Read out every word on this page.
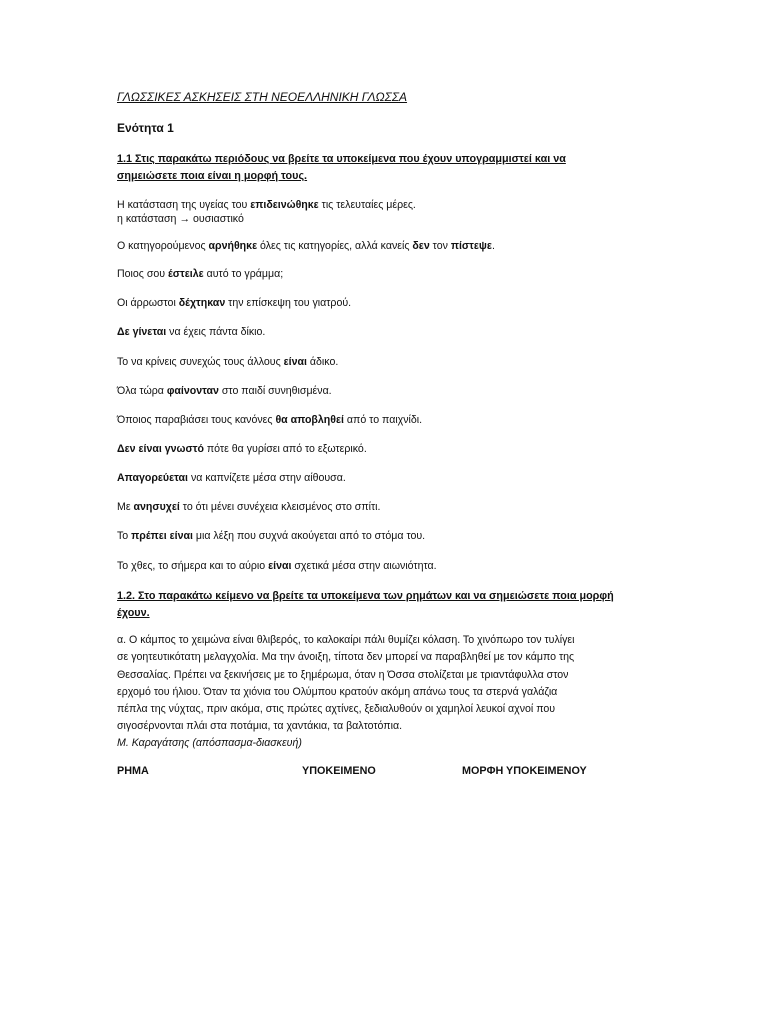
ΓΛΩΣΣΙΚΕΣ ΑΣΚΗΣΕΙΣ ΣΤΗ ΝΕΟΕΛΛΗΝΙΚΗ ΓΛΩΣΣΑ
Ενότητα 1
1.1 Στις παρακάτω περιόδους να βρείτε τα υποκείμενα που έχουν υπογραμμιστεί και να
σημειώσετε ποια είναι η μορφή τους.
Η κατάσταση της υγείας του επιδεινώθηκε τις τελευταίες μέρες.
η κατάσταση → ουσιαστικό
Ο κατηγορούμενος αρνήθηκε όλες τις κατηγορίες, αλλά κανείς δεν τον πίστεψε.
Ποιος σου έστειλε αυτό το γράμμα;
Οι άρρωστοι δέχτηκαν την επίσκεψη του γιατρού.
Δε γίνεται να έχεις πάντα δίκιο.
Το να κρίνεις συνεχώς τους άλλους είναι άδικο.
Όλα τώρα φαίνονταν στο παιδί συνηθισμένα.
Όποιος παραβιάσει τους κανόνες θα αποβληθεί από το παιχνίδι.
Δεν είναι γνωστό πότε θα γυρίσει από το εξωτερικό.
Απαγορεύεται να καπνίζετε μέσα στην αίθουσα.
Με ανησυχεί το ότι μένει συνέχεια κλεισμένος στο σπίτι.
Το πρέπει είναι μια λέξη που συχνά ακούγεται από το στόμα του.
Το χθες, το σήμερα και το αύριο είναι σχετικά μέσα στην αιωνιότητα.
1.2. Στο παρακάτω κείμενο να βρείτε τα υποκείμενα των ρημάτων και να σημειώσετε ποια μορφή
έχουν.

α. Ο κάμπος το χειμώνα είναι θλιβερός, το καλοκαίρι πάλι θυμίζει κόλαση. Το χινόπωρο τον τυλίγει

σε γοητευτικότατη μελαγχολία. Μα την άνοιξη, τίποτα δεν μπορεί να παραβληθεί με τον κάμπο της

Θεσσαλίας. Πρέπει να ξεκινήσεις με το ξημέρωμα, όταν η Όσσα στολίζεται με τριαντάφυλλα στον

ερχομό του ήλιου. Όταν τα χιόνια του Ολύμπου κρατούν ακόμη απάνω τους τα στερνά γαλάζια

πέπλα της νύχτας, πριν ακόμα, στις πρώτες αχτίνες, ξεδιαλυθούν οι χαμηλοί λευκοί αχνοί που

σιγοσέρνονται πλάι στα ποτάμια, τα χαντάκια, τα βαλτοτόπια.

Μ. Καραγάτσης (απόσπασμα-διασκευή)
ΡΗΜΑ	ΥΠΟΚΕΙΜΕΝΟ	ΜΟΡΦΗ ΥΠΟΚΕΙΜΕΝΟΥ
